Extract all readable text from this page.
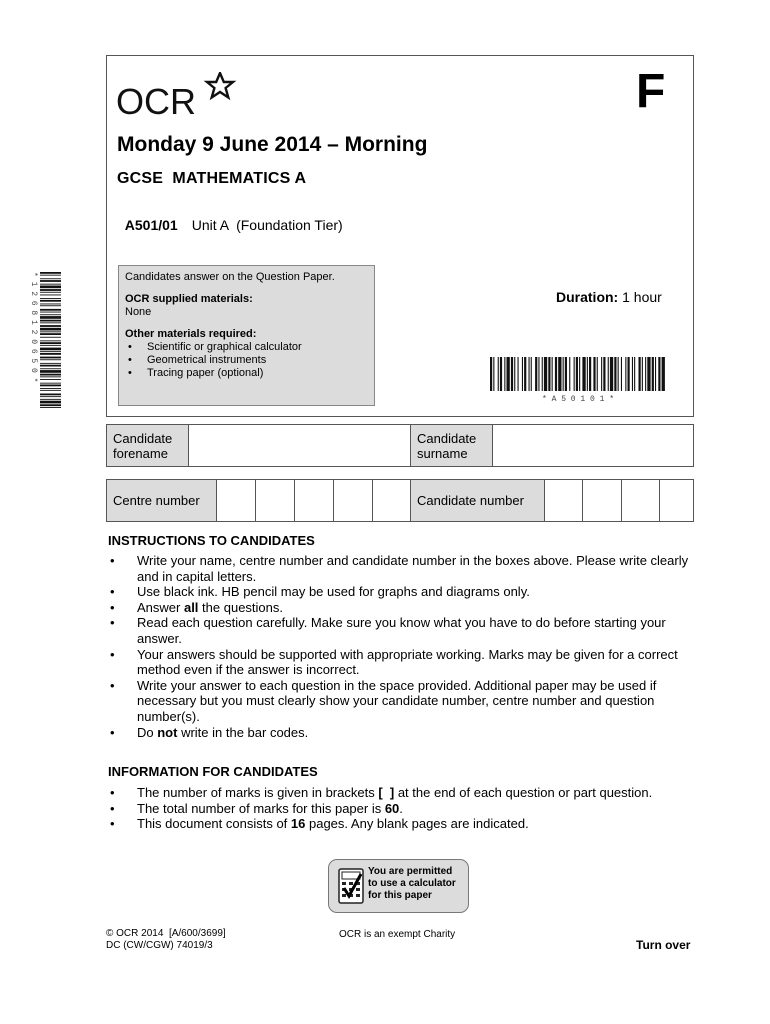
OCR	F
Monday 9 June 2014 – Morning
GCSE  MATHEMATICS A

A501/01 Unit A  (Foundation Tier)

Candidates answer on the Question Paper.
OCR supplied materials:
None
Other materials required:
• Scientific or graphical calculator
• Geometrical instruments
• Tracing paper (optional)
Duration: 1 hour
* A 5 0 1 0 1 *
* 1 2 6 8 1 2 0 6 5 0 *
Candidate forename
Candidate surname
Centre number	Candidate number
INSTRUCTIONS TO CANDIDATES
• Write your name, centre number and candidate number in the boxes above. Please write clearly and in capital letters.
• Use black ink. HB pencil may be used for graphs and diagrams only.
• Answer all the questions.
• Read each question carefully. Make sure you know what you have to do before starting your answer.
• Your answers should be supported with appropriate working. Marks may be given for a correct method even if the answer is incorrect.
• Write your answer to each question in the space provided. Additional paper may be used if necessary but you must clearly show your candidate number, centre number and question number(s).
• Do not write in the bar codes.
INFORMATION FOR CANDIDATES
• The number of marks is given in brackets [  ] at the end of each question or part question.
• The total number of marks for this paper is 60.
• This document consists of 16 pages. Any blank pages are indicated.
You are permitted
to use a calculator
for this paper
© OCR 2014  [A/600/3699]
DC (CW/CGW) 74019/3
OCR is an exempt Charity
Turn over
